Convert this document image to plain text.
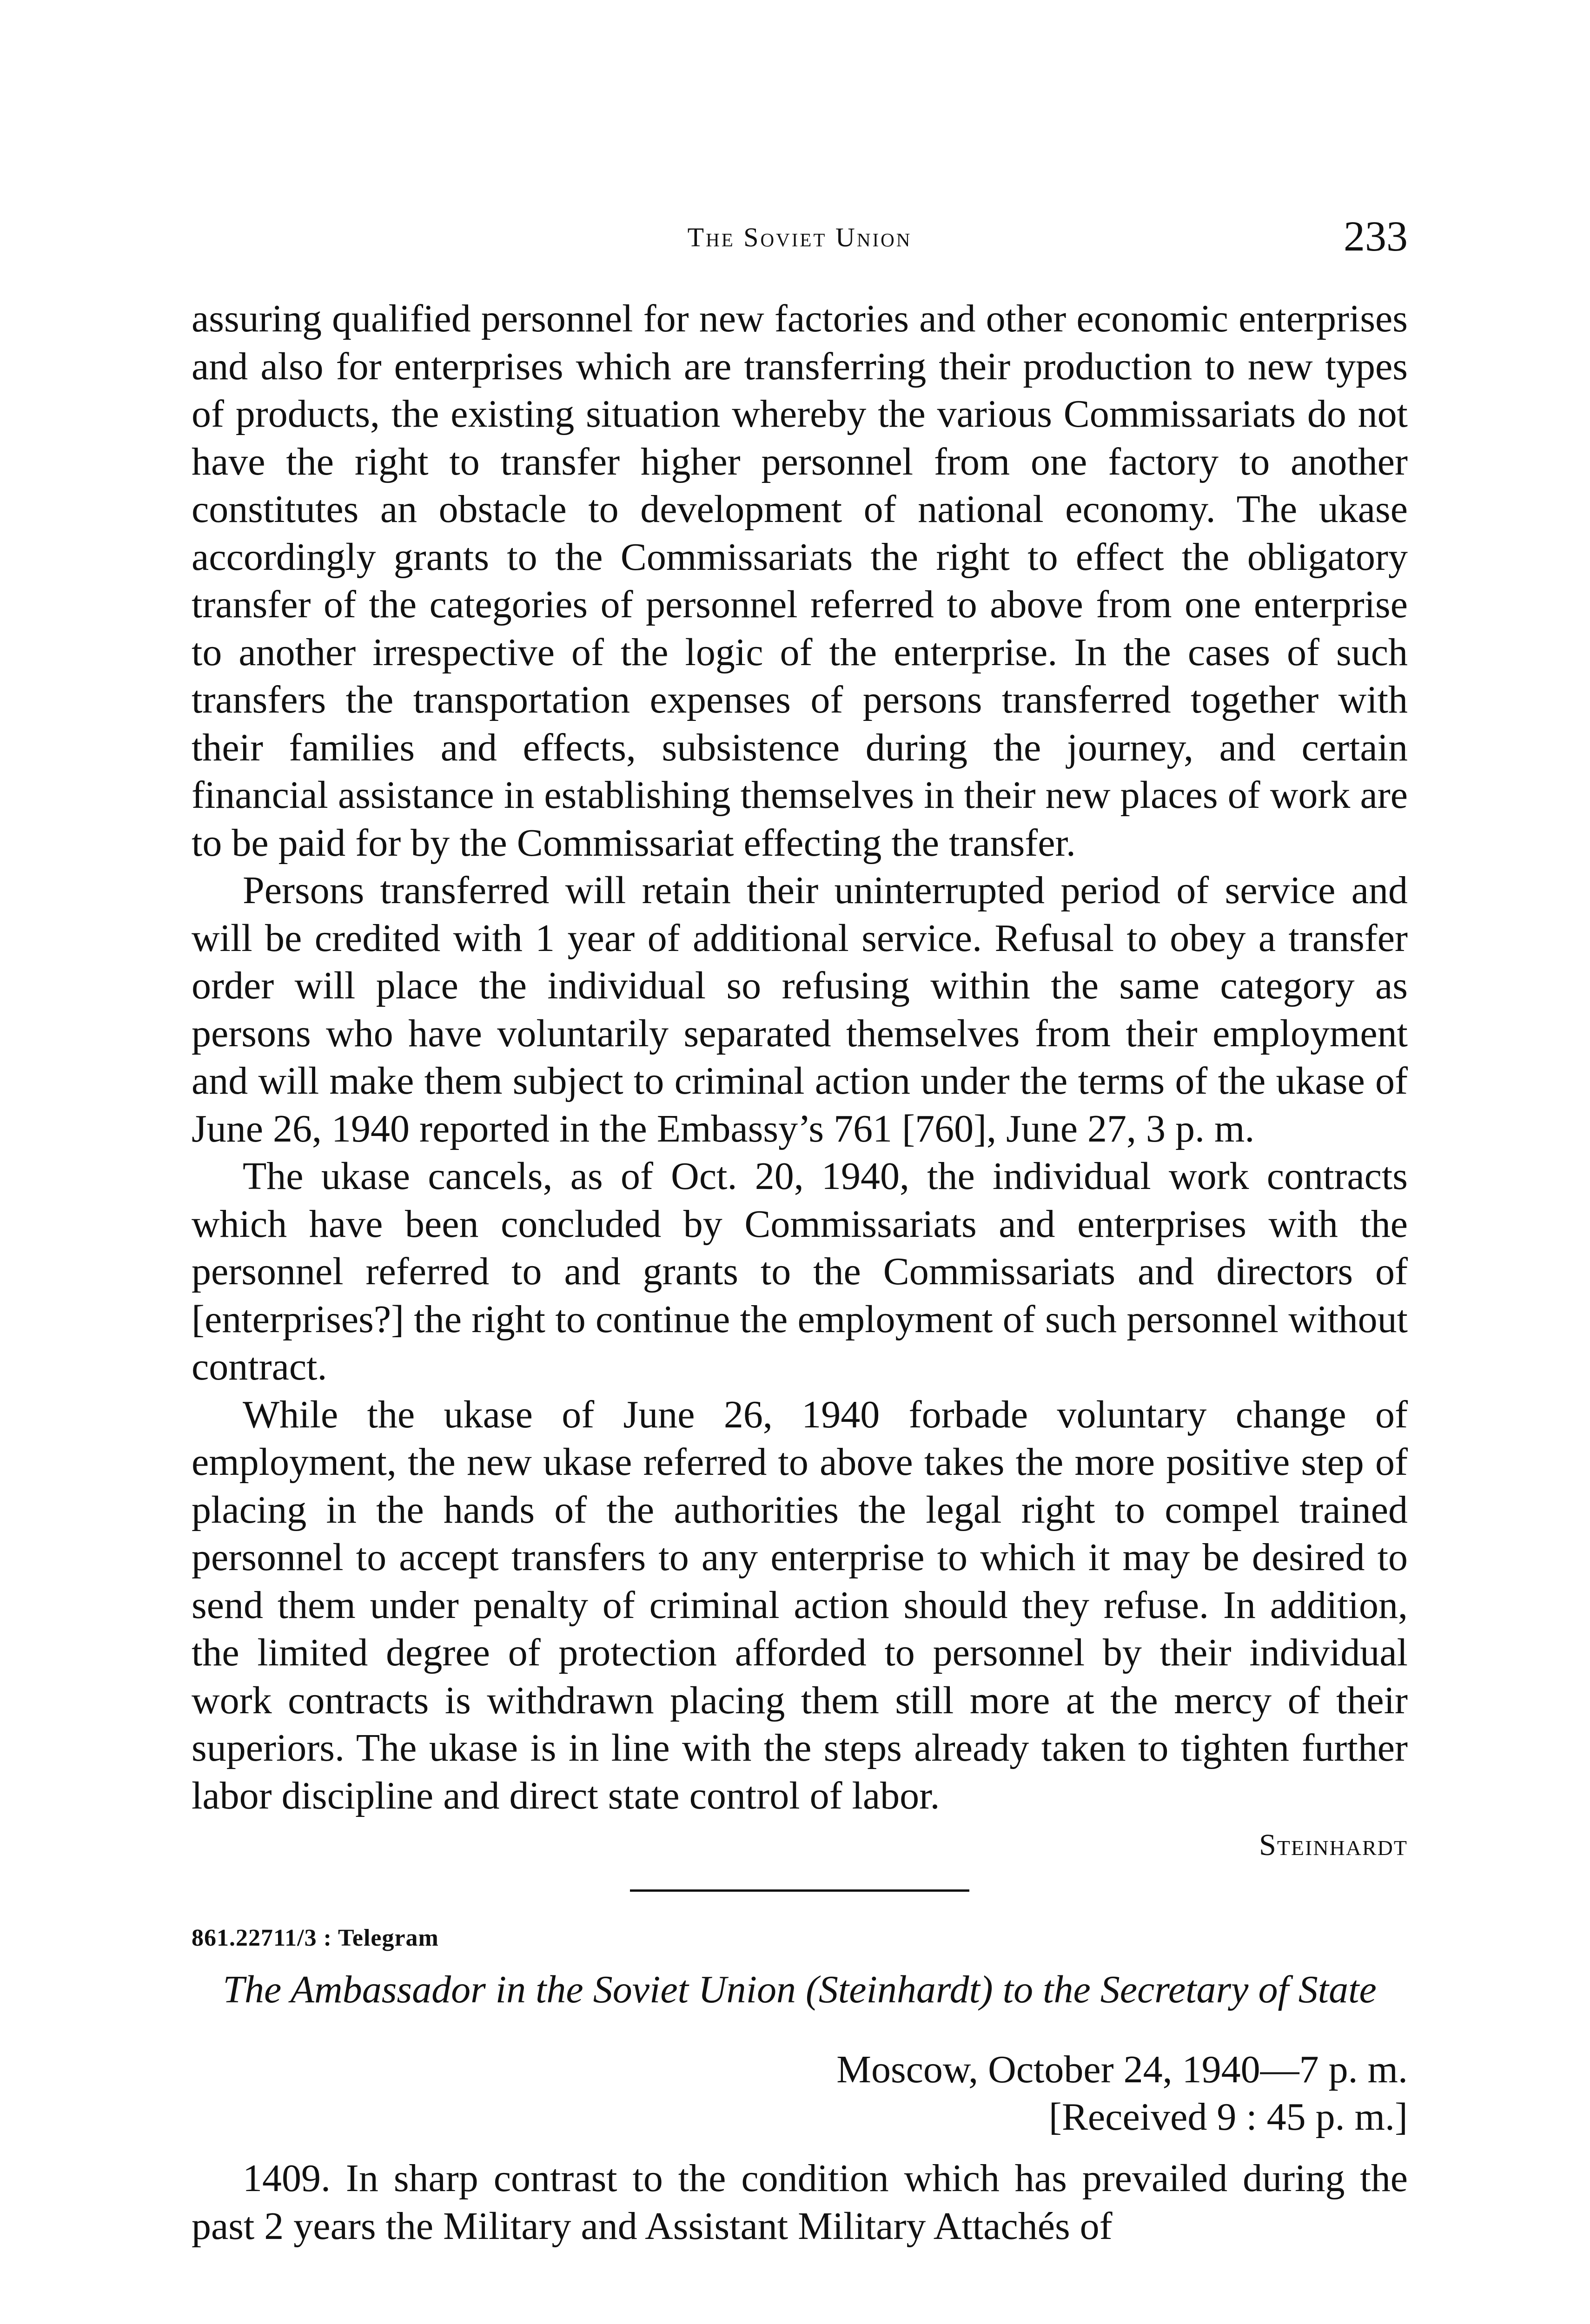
The Soviet Union	233

assuring qualified personnel for new factories and other economic enterprises and also for enterprises which are transferring their production to new types of products, the existing situation whereby the various Commissariats do not have the right to transfer higher personnel from one factory to another constitutes an obstacle to development of national economy. The ukase accordingly grants to the Commissariats the right to effect the obligatory transfer of the categories of personnel referred to above from one enterprise to another irrespective of the logic of the enterprise. In the cases of such transfers the transportation expenses of persons transferred together with their families and effects, subsistence during the journey, and certain financial assistance in establishing themselves in their new places of work are to be paid for by the Commissariat effecting the transfer.

Persons transferred will retain their uninterrupted period of service and will be credited with 1 year of additional service. Refusal to obey a transfer order will place the individual so refusing within the same category as persons who have voluntarily separated themselves from their employment and will make them subject to criminal action under the terms of the ukase of June 26, 1940 reported in the Embassy’s 761 [760], June 27, 3 p. m.

The ukase cancels, as of Oct. 20, 1940, the individual work contracts which have been concluded by Commissariats and enterprises with the personnel referred to and grants to the Commissariats and directors of [enterprises?] the right to continue the employment of such personnel without contract.

While the ukase of June 26, 1940 forbade voluntary change of employment, the new ukase referred to above takes the more positive step of placing in the hands of the authorities the legal right to compel trained personnel to accept transfers to any enterprise to which it may be desired to send them under penalty of criminal action should they refuse. In addition, the limited degree of protection afforded to personnel by their individual work contracts is withdrawn placing them still more at the mercy of their superiors. The ukase is in line with the steps already taken to tighten further labor discipline and direct state control of labor.

Steinhardt

861.22711/3 : Telegram

The Ambassador in the Soviet Union (Steinhardt) to the Secretary of State

Moscow, October 24, 1940—7 p. m.

[Received 9 : 45 p. m.]

1409. In sharp contrast to the condition which has prevailed during the past 2 years the Military and Assistant Military Attachés of
